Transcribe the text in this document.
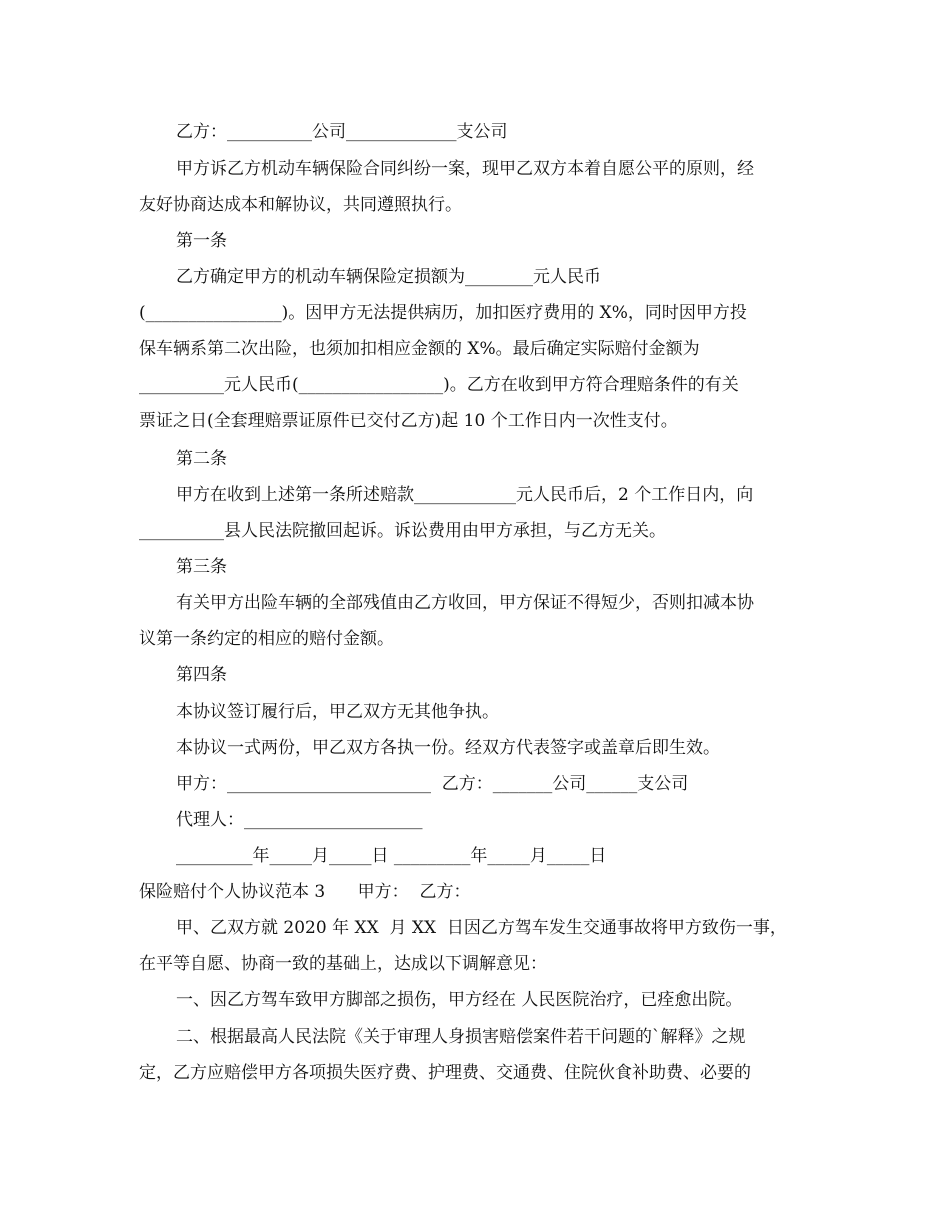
乙方：__________公司_____________支公司

甲方诉乙方机动车辆保险合同纠纷一案，现甲乙双方本着自愿公平的原则，经

友好协商达成本和解协议，共同遵照执行。

第一条

乙方确定甲方的机动车辆保险定损额为________元人民币

(________________)。因甲方无法提供病历，加扣医疗费用的 X%，同时因甲方投

保车辆系第二次出险，也须加扣相应金额的 X%。最后确定实际赔付金额为

__________元人民币(_________________)。乙方在收到甲方符合理赔条件的有关

票证之日(全套理赔票证原件已交付乙方)起 10 个工作日内一次性支付。

第二条

甲方在收到上述第一条所述赔款____________元人民币后，2 个工作日内，向

__________县人民法院撤回起诉。诉讼费用由甲方承担，与乙方无关。

第三条

有关甲方出险车辆的全部残值由乙方收回，甲方保证不得短少，否则扣减本协

议第一条约定的相应的赔付金额。

第四条

本协议签订履行后，甲乙双方无其他争执。

本协议一式两份，甲乙双方各执一份。经双方代表签字或盖章后即生效。

甲方：________________________  乙方：_______公司______支公司

代理人：_____________________

_________年_____月_____日 _________年_____月_____日

保险赔付个人协议范本 3      甲方：  乙方：

甲、乙双方就 2020 年 XX  月 XX  日因乙方驾车发生交通事故将甲方致伤一事，

在平等自愿、协商一致的基础上，达成以下调解意见：

一、因乙方驾车致甲方脚部之损伤，甲方经在 人民医院治疗，已痊愈出院。

二、根据最高人民法院《关于审理人身损害赔偿案件若干问题的`解释》之规

定，乙方应赔偿甲方各项损失医疗费、护理费、交通费、住院伙食补助费、必要的
